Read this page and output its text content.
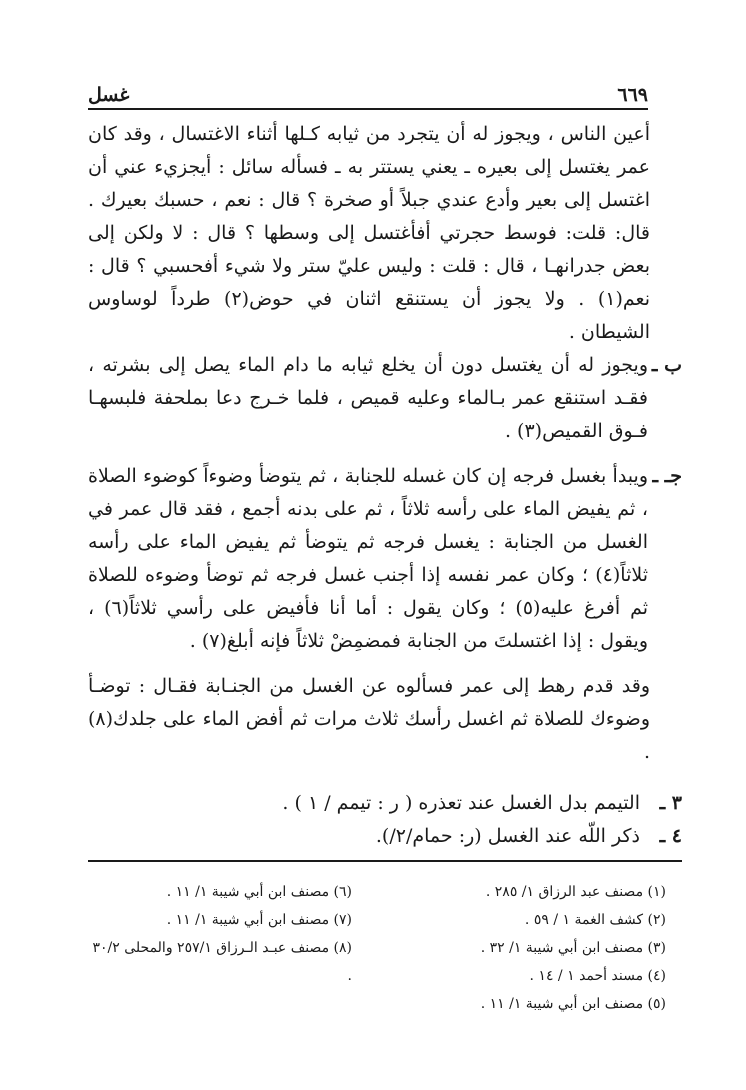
٦٦٩
غسل

أعين الناس ، ويجوز له أن يتجرد من ثيابه كـلها أثناء الاغتسال ، وقد كان عمر يغتسل إلى بعيره ـ يعني يستتر به ـ فسأله سائل : أيجزيء عني أن اغتسل إلى بعير وأدع عندي جبلاً أو صخرة ؟ قال : نعم ، حسبك بعيرك . قال: قلت: فوسط حجرتي أفأغتسل إلى وسطها ؟ قال : لا ولكن إلى بعض جدرانهـا ، قال : قلت : وليس عليّ ستر ولا شيء أفحسبي ؟ قال : نعم(١) . ولا يجوز أن يستنقع اثنان في حوض(٢) طرداً لوساوس الشيطان .

ب ـ

ويجوز له أن يغتسل دون أن يخلع ثيابه ما دام الماء يصل إلى بشرته ، فقـد استنقع عمر بـالماء وعليه قميص ، فلما خـرج دعا بملحفة فلبسهـا فـوق القميص(٣) .

جـ ـ

ويبدأ بغسل فرجه إن كان غسله للجنابة ، ثم يتوضأ وضوءاً كوضوء الصلاة ، ثم يفيض الماء على رأسه ثلاثاً ، ثم على بدنه أجمع ، فقد قال عمر في الغسل من الجنابة : يغسل فرجه ثم يتوضأ ثم يفيض الماء على رأسه ثلاثاً(٤) ؛ وكان عمر نفسه إذا أجنب غسل فرجه ثم توضأ وضوءه للصلاة ثم أفرغ عليه(٥) ؛ وكان يقول : أما أنا فأفيض على رأسي ثلاثاً(٦) ، ويقول : إذا اغتسلتَ من الجنابة فمضمِضْ ثلاثاً فإنه أبلغ(٧) .

وقد قدم رهط إلى عمر فسألوه عن الغسل من الجنـابة فقـال : توضـأ وضوءك للصلاة ثم اغسل رأسك ثلاث مرات ثم أفض الماء على جلدك(٨) .

٣ ـ
التيمم بدل الغسل عند تعذره ( ر : تيمم / ١ ) .
٤ ـ
ذكر اللّه عند الغسل (ر: حمام/٢/).

(١) مصنف عبد الرزاق ١/ ٢٨٥ .

(٢) كشف الغمة ١ / ٥٩ .

(٣) مصنف ابن أبي شيبة ١/ ٣٢ .

(٤) مسند أحمد ١ / ١٤ .

(٥) مصنف ابن أبي شيبة ١/ ١١ .

(٦) مصنف ابن أبي شيبة ١/ ١١ .

(٧) مصنف ابن أبي شيبة ١/ ١١ .

(٨) مصنف عبـد الـرزاق ٢٥٧/١ والمحلى ٣٠/٢ .
